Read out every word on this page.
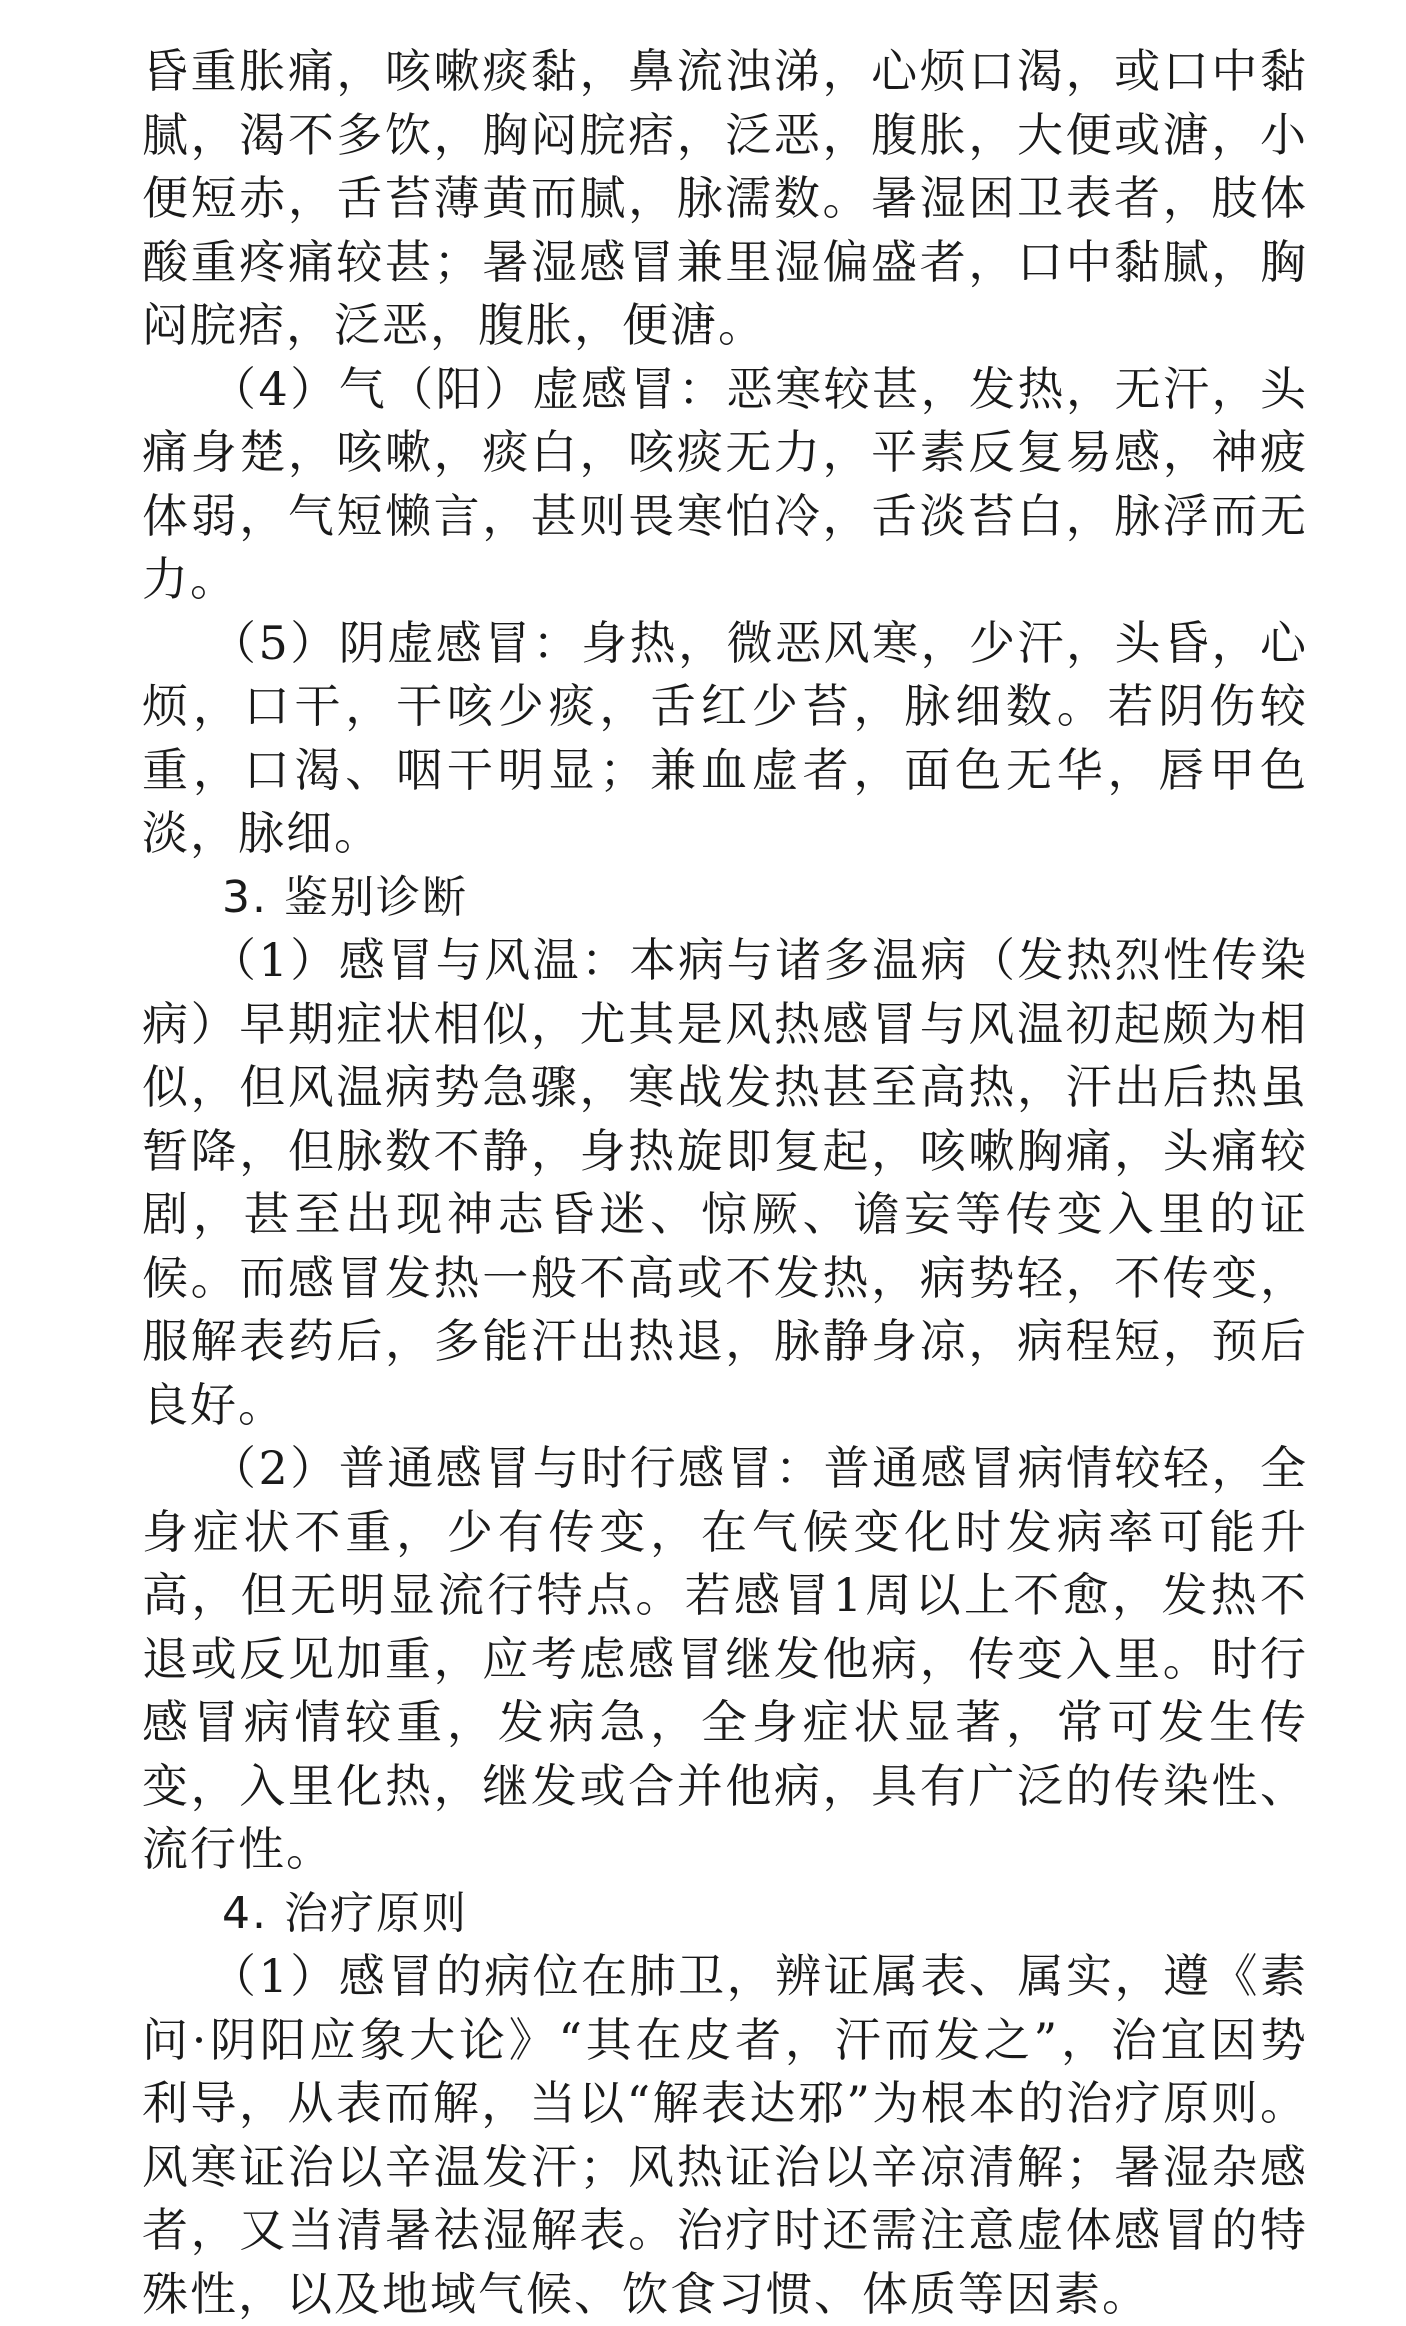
昏重胀痛，咳嗽痰黏，鼻流浊涕，心烦口渴，或口中黏腻，渴不多饮，胸闷脘痞，泛恶，腹胀，大便或溏，小便短赤，舌苔薄黄而腻，脉濡数。暑湿困卫表者，肢体酸重疼痛较甚；暑湿感冒兼里湿偏盛者，口中黏腻，胸闷脘痞，泛恶，腹胀，便溏。

（4）气（阳）虚感冒：恶寒较甚，发热，无汗，头痛身楚，咳嗽，痰白，咳痰无力，平素反复易感，神疲体弱，气短懒言，甚则畏寒怕冷，舌淡苔白，脉浮而无力。

（5）阴虚感冒：身热，微恶风寒，少汗，头昏，心烦，口干，干咳少痰，舌红少苔，脉细数。若阴伤较重，口渴、咽干明显；兼血虚者，面色无华，唇甲色淡，脉细。

3. 鉴别诊断

（1）感冒与风温：本病与诸多温病（发热烈性传染病）早期症状相似，尤其是风热感冒与风温初起颇为相似，但风温病势急骤，寒战发热甚至高热，汗出后热虽暂降，但脉数不静，身热旋即复起，咳嗽胸痛，头痛较剧，甚至出现神志昏迷、惊厥、谵妄等传变入里的证候。而感冒发热一般不高或不发热，病势轻，不传变，服解表药后，多能汗出热退，脉静身凉，病程短，预后良好。

（2）普通感冒与时行感冒：普通感冒病情较轻，全身症状不重，少有传变，在气候变化时发病率可能升高，但无明显流行特点。若感冒1周以上不愈，发热不退或反见加重，应考虑感冒继发他病，传变入里。时行感冒病情较重，发病急，全身症状显著，常可发生传变，入里化热，继发或合并他病，具有广泛的传染性、流行性。

4. 治疗原则

（1）感冒的病位在肺卫，辨证属表、属实，遵《素问·阴阳应象大论》“其在皮者，汗而发之”，治宜因势利导，从表而解，当以“解表达邪”为根本的治疗原则。风寒证治以辛温发汗；风热证治以辛凉清解；暑湿杂感者，又当清暑祛湿解表。治疗时还需注意虚体感冒的特殊性，以及地域气候、饮食习惯、体质等因素。
